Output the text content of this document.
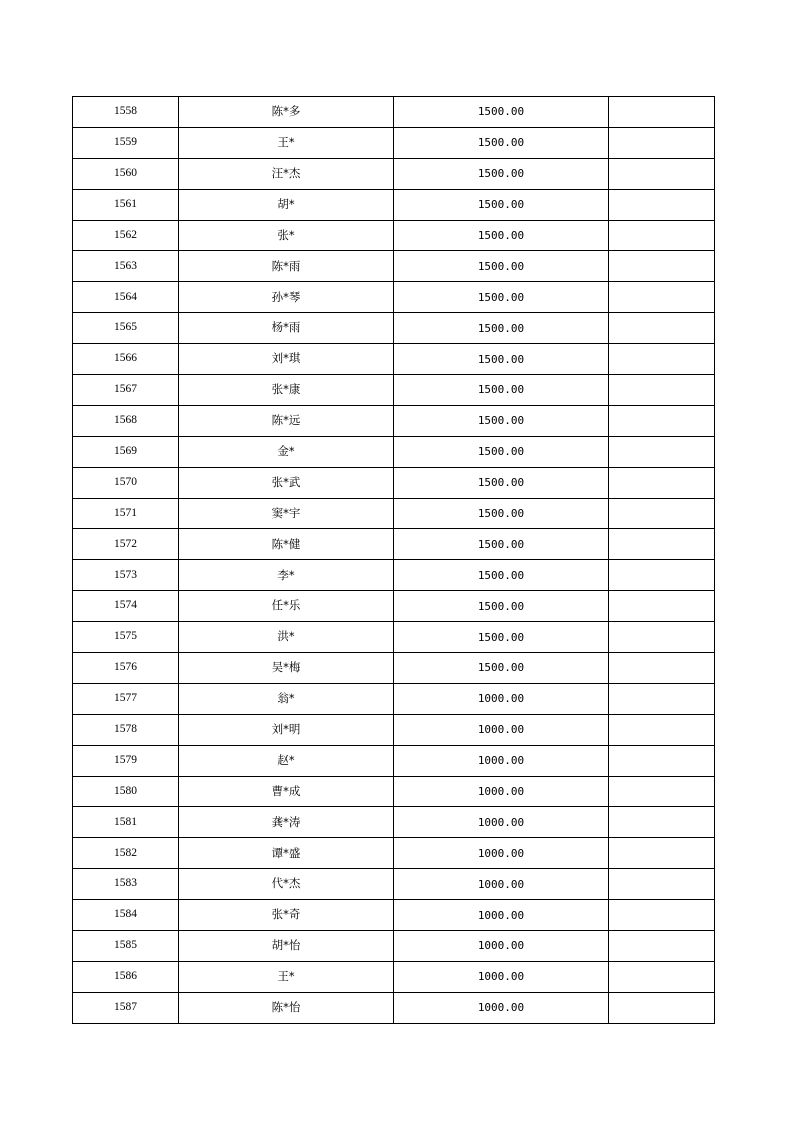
1558	陈*多	1500.00	
1559	王*	1500.00	
1560	汪*杰	1500.00	
1561	胡*	1500.00	
1562	张*	1500.00	
1563	陈*雨	1500.00	
1564	孙*琴	1500.00	
1565	杨*雨	1500.00	
1566	刘*琪	1500.00	
1567	张*康	1500.00	
1568	陈*远	1500.00	
1569	金*	1500.00	
1570	张*武	1500.00	
1571	窦*宇	1500.00	
1572	陈*健	1500.00	
1573	李*	1500.00	
1574	任*乐	1500.00	
1575	洪*	1500.00	
1576	吴*梅	1500.00	
1577	翁*	1000.00	
1578	刘*明	1000.00	
1579	赵*	1000.00	
1580	曹*成	1000.00	
1581	龚*涛	1000.00	
1582	谭*盛	1000.00	
1583	代*杰	1000.00	
1584	张*奇	1000.00	
1585	胡*怡	1000.00	
1586	王*	1000.00	
1587	陈*怡	1000.00	
